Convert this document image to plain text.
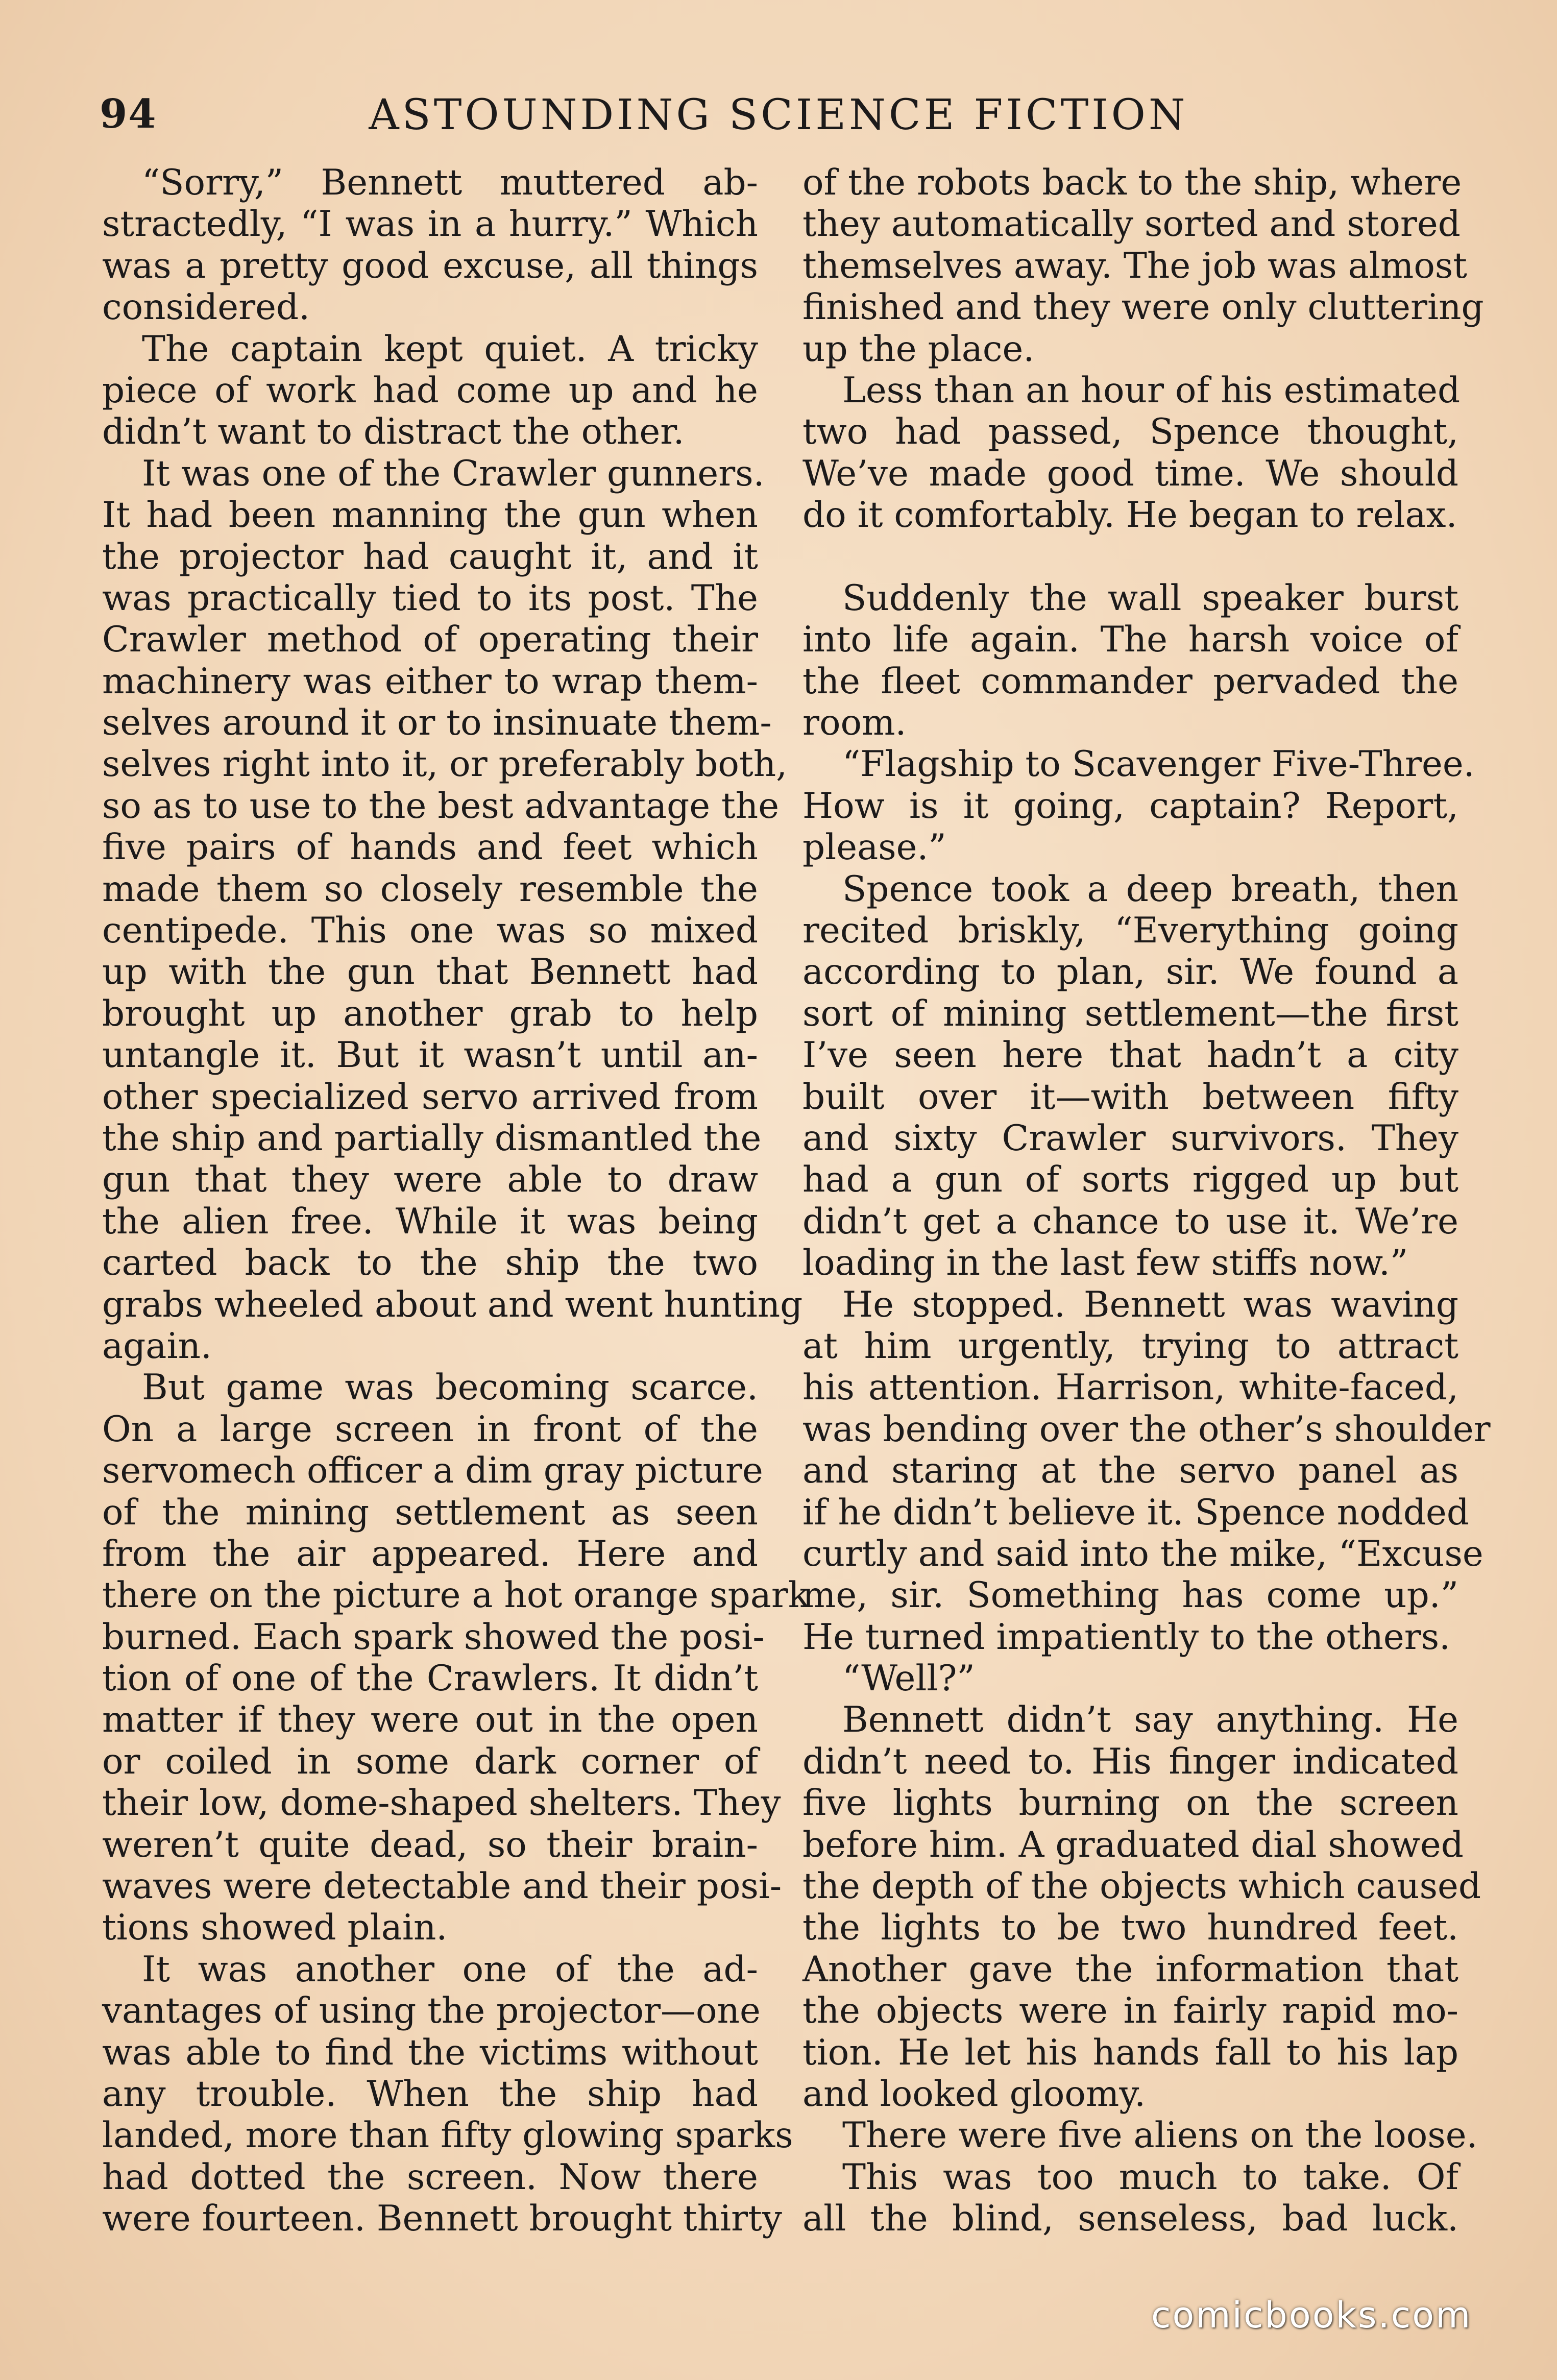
94	ASTOUNDING SCIENCE FICTION
“Sorry,” Bennett muttered ab-
stractedly, “I was in a hurry.” Which
was a pretty good excuse, all things
considered.
The captain kept quiet. A tricky
piece of work had come up and he
didn’t want to distract the other.
It was one of the Crawler gunners.
It had been manning the gun when
the projector had caught it, and it
was practically tied to its post. The
Crawler method of operating their
machinery was either to wrap them-
selves around it or to insinuate them-
selves right into it, or preferably both,
so as to use to the best advantage the
five pairs of hands and feet which
made them so closely resemble the
centipede. This one was so mixed
up with the gun that Bennett had
brought up another grab to help
untangle it. But it wasn’t until an-
other specialized servo arrived from
the ship and partially dismantled the
gun that they were able to draw
the alien free. While it was being
carted back to the ship the two
grabs wheeled about and went hunting
again.
But game was becoming scarce.
On a large screen in front of the
servomech officer a dim gray picture
of the mining settlement as seen
from the air appeared. Here and
there on the picture a hot orange spark
burned. Each spark showed the posi-
tion of one of the Crawlers. It didn’t
matter if they were out in the open
or coiled in some dark corner of
their low, dome-shaped shelters. They
weren’t quite dead, so their brain-
waves were detectable and their posi-
tions showed plain.
It was another one of the ad-
vantages of using the projector—one
was able to find the victims without
any trouble. When the ship had
landed, more than fifty glowing sparks
had dotted the screen. Now there
were fourteen. Bennett brought thirty
of the robots back to the ship, where
they automatically sorted and stored
themselves away. The job was almost
finished and they were only cluttering
up the place.
Less than an hour of his estimated
two had passed, Spence thought,
We’ve made good time. We should
do it comfortably. He began to relax.
Suddenly the wall speaker burst
into life again. The harsh voice of
the fleet commander pervaded the
room.
“Flagship to Scavenger Five-Three.
How is it going, captain? Report,
please.”
Spence took a deep breath, then
recited briskly, “Everything going
according to plan, sir. We found a
sort of mining settlement—the first
I’ve seen here that hadn’t a city
built over it—with between fifty
and sixty Crawler survivors. They
had a gun of sorts rigged up but
didn’t get a chance to use it. We’re
loading in the last few stiffs now.”
He stopped. Bennett was waving
at him urgently, trying to attract
his attention. Harrison, white-faced,
was bending over the other’s shoulder
and staring at the servo panel as
if he didn’t believe it. Spence nodded
curtly and said into the mike, “Excuse
me, sir. Something has come up.”
He turned impatiently to the others.
“Well?”
Bennett didn’t say anything. He
didn’t need to. His finger indicated
five lights burning on the screen
before him. A graduated dial showed
the depth of the objects which caused
the lights to be two hundred feet.
Another gave the information that
the objects were in fairly rapid mo-
tion. He let his hands fall to his lap
and looked gloomy.
There were five aliens on the loose.
This was too much to take. Of
all the blind, senseless, bad luck.
comicbooks.com
